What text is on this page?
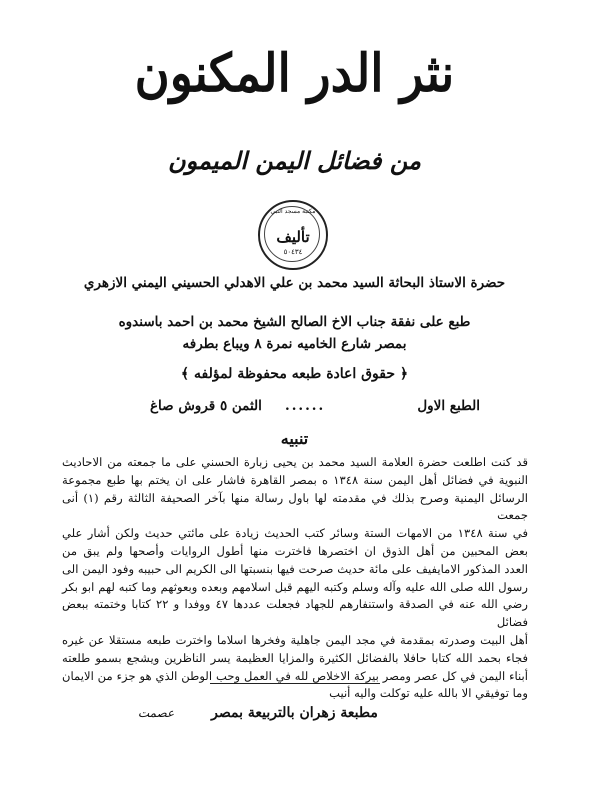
نثر الدر المكنون
من فضائل اليمن الميمون
مكتبة مسجد النبي
تأليف
٥٠٤٣٤
حضرة الاستاذ البحاثة السيد محمد بن علي الاهدلي الحسيني اليمني الازهري
طبع على نفقة جناب الاخ الصالح الشيخ محمد بن احمد باسندوه
بمصر شارع الخاميه نمرة ٨ ويباع بطرفه
﴿ حقوق اعادة طبعه محفوظة لمؤلفه ﴾
الطبع الاول
......
الثمن ٥ قروش صاغ
تنبيه

قد كنت اطلعت حضرة العلامة السيد محمد بن يحيى زبارة الحسني على ما جمعته من الاحاديث

النبوية في فضائل أهل اليمن سنة ١٣٤٨ ه بمصر القاهرة فاشار على ان يختم بها طبع مجموعة

الرسائل اليمنية وصرح بذلك في مقدمته لها باول رسالة منها بآخر الصحيفة الثالثة رقم (١) أنى جمعت

في سنة ١٣٤٨ من الامهات الستة وسائر كتب الحديث زيادة على مائتي حديث ولكن أشار علي

بعض المحبين من أهل الذوق ان اختصرها فاخترت منها أطول الروايات وأصحها ولم يبق من

العدد المذكور الامايفيف على مائة حديث صرحت فيها بنسبتها الى الكريم الى حبيبه وفود اليمن الى

رسول الله صلى الله عليه وآله وسلم وكتبه اليهم قبل اسلامهم وبعده وبعوثهم وما كتبه لهم ابو بكر

رضي الله عنه في الصدقة واستنفارهم للجهاد فجعلت عددها ٤٧ ووفدا و ٢٢ كتابا وختمته ببعض فضائل

أهل البيت وصدرته بمقدمة في مجد اليمن جاهلية وفخرها اسلاما واخترت طبعه مستقلا عن غيره

فجاء بحمد الله كتابا حافلا بالفضائل الكثيرة والمزايا العظيمة يسر الناظرين ويشجع بسمو طلعته

أبناء اليمن في كل عصر ومصر بيركة الاخلاص لله في العمل وحب الوطن الذي هو جزء من الايمان

وما توفيقي الا بالله عليه توكلت واليه أنيب

مطبعة زهران بالتربيعة بمصر
عصمت
